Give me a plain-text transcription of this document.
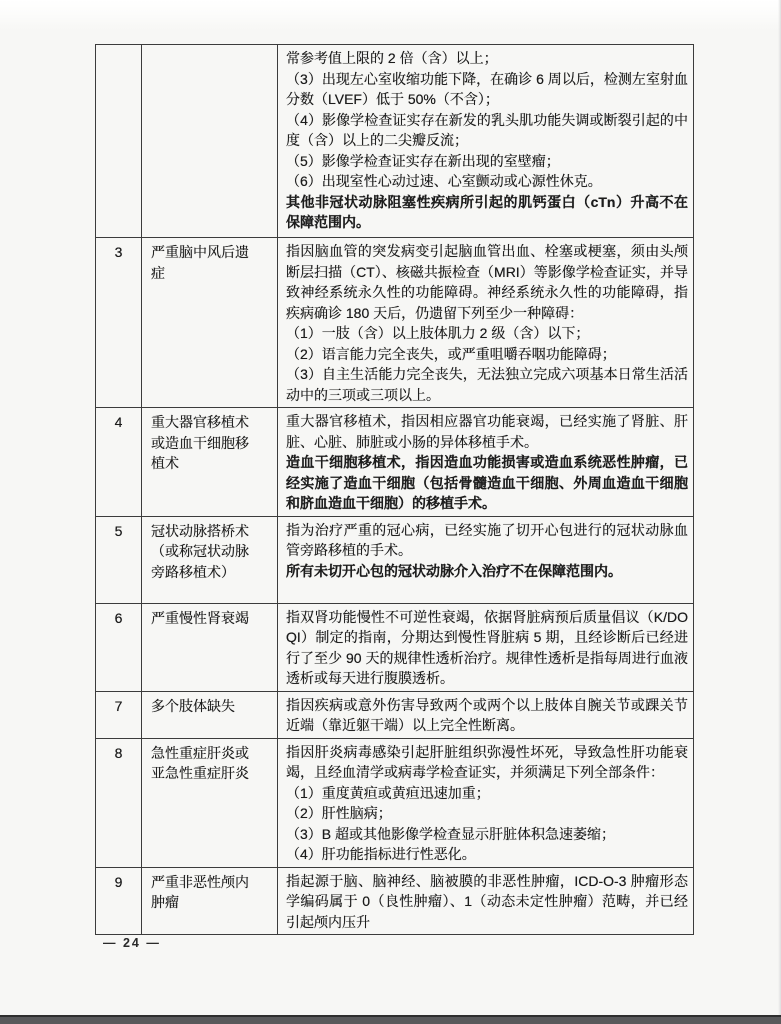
常参考值上限的 2 倍（含）以上；

（3）出现左心室收缩功能下降，在确诊 6 周以后，检测左室射血分数（LVEF）低于 50%（不含）；

（4）影像学检查证实存在新发的乳头肌功能失调或断裂引起的中度（含）以上的二尖瓣反流；

（5）影像学检查证实存在新出现的室壁瘤；

（6）出现室性心动过速、心室颤动或心源性休克。

其他非冠状动脉阻塞性疾病所引起的肌钙蛋白（cTn）升高不在保障范围内。

3	严重脑中风后遗症	指因脑血管的突发病变引起脑血管出血、栓塞或梗塞，须由头颅断层扫描（CT）、核磁共振检查（MRI）等影像学检查证实，并导致神经系统永久性的功能障碍。神经系统永久性的功能障碍，指疾病确诊 180 天后，仍遗留下列至少一种障碍：

（1）一肢（含）以上肢体肌力 2 级（含）以下；

（2）语言能力完全丧失，或严重咀嚼吞咽功能障碍；

（3）自主生活能力完全丧失，无法独立完成六项基本日常生活活动中的三项或三项以上。

4	重大器官移植术或造血干细胞移植术	重大器官移植术，指因相应器官功能衰竭，已经实施了肾脏、肝脏、心脏、肺脏或小肠的异体移植手术。

造血干细胞移植术，指因造血功能损害或造血系统恶性肿瘤，已经实施了造血干细胞（包括骨髓造血干细胞、外周血造血干细胞和脐血造血干细胞）的移植手术。

5	冠状动脉搭桥术（或称冠状动脉旁路移植术）	指为治疗严重的冠心病，已经实施了切开心包进行的冠状动脉血管旁路移植的手术。

所有未切开心包的冠状动脉介入治疗不在保障范围内。

6	严重慢性肾衰竭	指双肾功能慢性不可逆性衰竭，依据肾脏病预后质量倡议（K/DOQI）制定的指南，分期达到慢性肾脏病 5 期，且经诊断后已经进行了至少 90 天的规律性透析治疗。规律性透析是指每周进行血液透析或每天进行腹膜透析。

7	多个肢体缺失	指因疾病或意外伤害导致两个或两个以上肢体自腕关节或踝关节近端（靠近躯干端）以上完全性断离。

8	急性重症肝炎或亚急性重症肝炎	指因肝炎病毒感染引起肝脏组织弥漫性坏死，导致急性肝功能衰竭，且经血清学或病毒学检查证实，并须满足下列全部条件：

（1）重度黄疸或黄疸迅速加重；

（2）肝性脑病；

（3）B 超或其他影像学检查显示肝脏体积急速萎缩；

（4）肝功能指标进行性恶化。

9	严重非恶性颅内肿瘤	指起源于脑、脑神经、脑被膜的非恶性肿瘤，ICD-O-3 肿瘤形态学编码属于 0（良性肿瘤）、1（动态未定性肿瘤）范畴，并已经引起颅内压升

— 24 —
